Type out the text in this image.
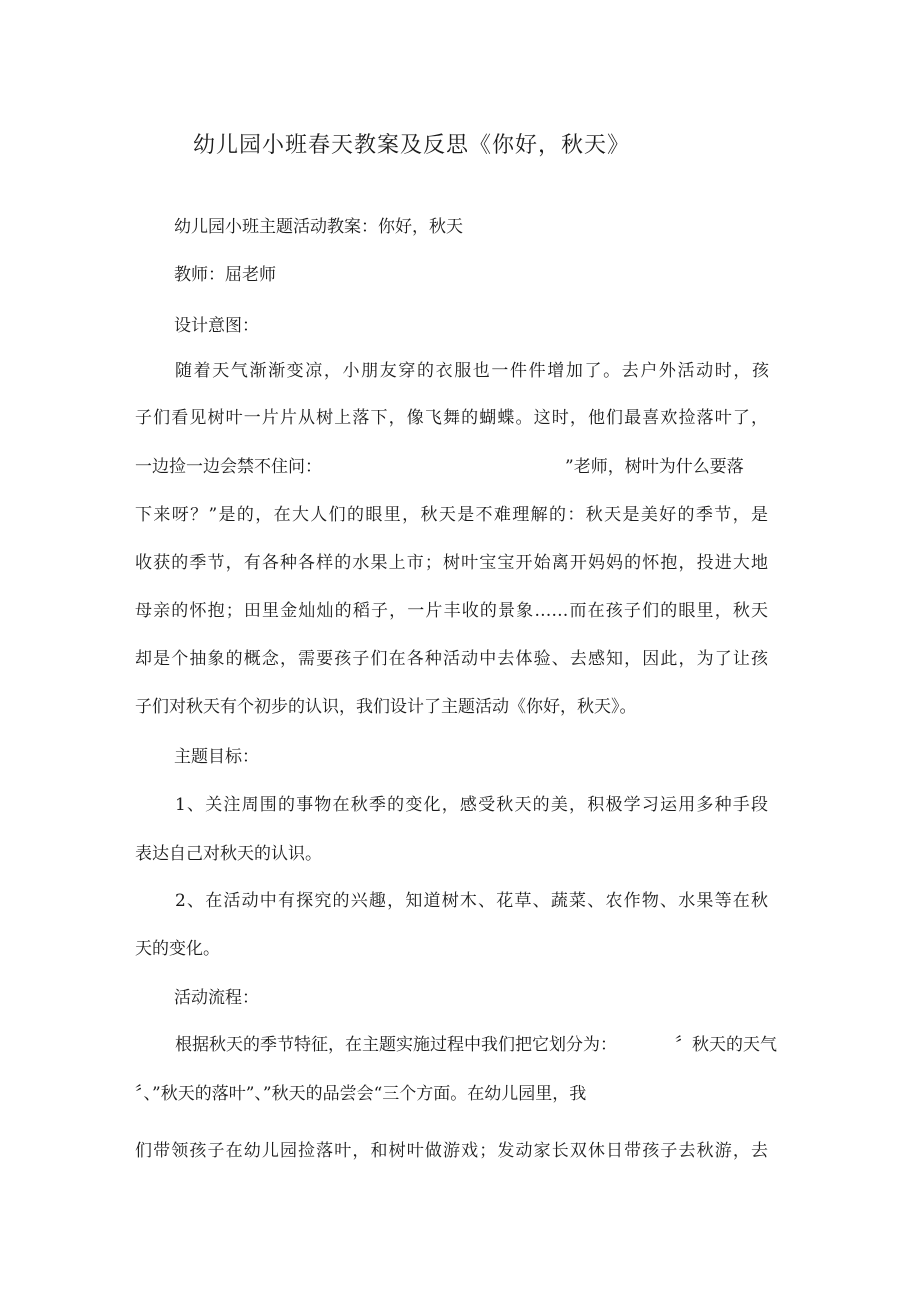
幼儿园小班春天教案及反思《你好，秋天》
幼儿园小班主题活动教案：你好，秋天
教师：屈老师
设计意图：
随着天气渐渐变凉，小朋友穿的衣服也一件件增加了。去户外活动时，孩
子们看见树叶一片片从树上落下，像飞舞的蝴蝶。这时，他们最喜欢捡落叶了，
一边捡一边会禁不住问：	”老师，树叶为什么要落
下来呀？”是的，在大人们的眼里，秋天是不难理解的：秋天是美好的季节，是
收获的季节，有各种各样的水果上市；树叶宝宝开始离开妈妈的怀抱，投进大地
母亲的怀抱；田里金灿灿的稻子，一片丰收的景象……而在孩子们的眼里，秋天
却是个抽象的概念，需要孩子们在各种活动中去体验、去感知，因此，为了让孩
子们对秋天有个初步的认识，我们设计了主题活动《你好，秋天》。
主题目标：
1、关注周围的事物在秋季的变化，感受秋天的美，积极学习运用多种手段
表达自己对秋天的认识。
2、在活动中有探究的兴趣，知道树木、花草、蔬菜、农作物、水果等在秋
天的变化。
活动流程：
根据秋天的季节特征，在主题实施过程中我们把它划分为：	〞秋天的天气
〞、”秋天的落叶”、”秋天的品尝会“三个方面。在幼儿园里，我
们带领孩子在幼儿园捡落叶，和树叶做游戏；发动家长双休日带孩子去秋游，去
